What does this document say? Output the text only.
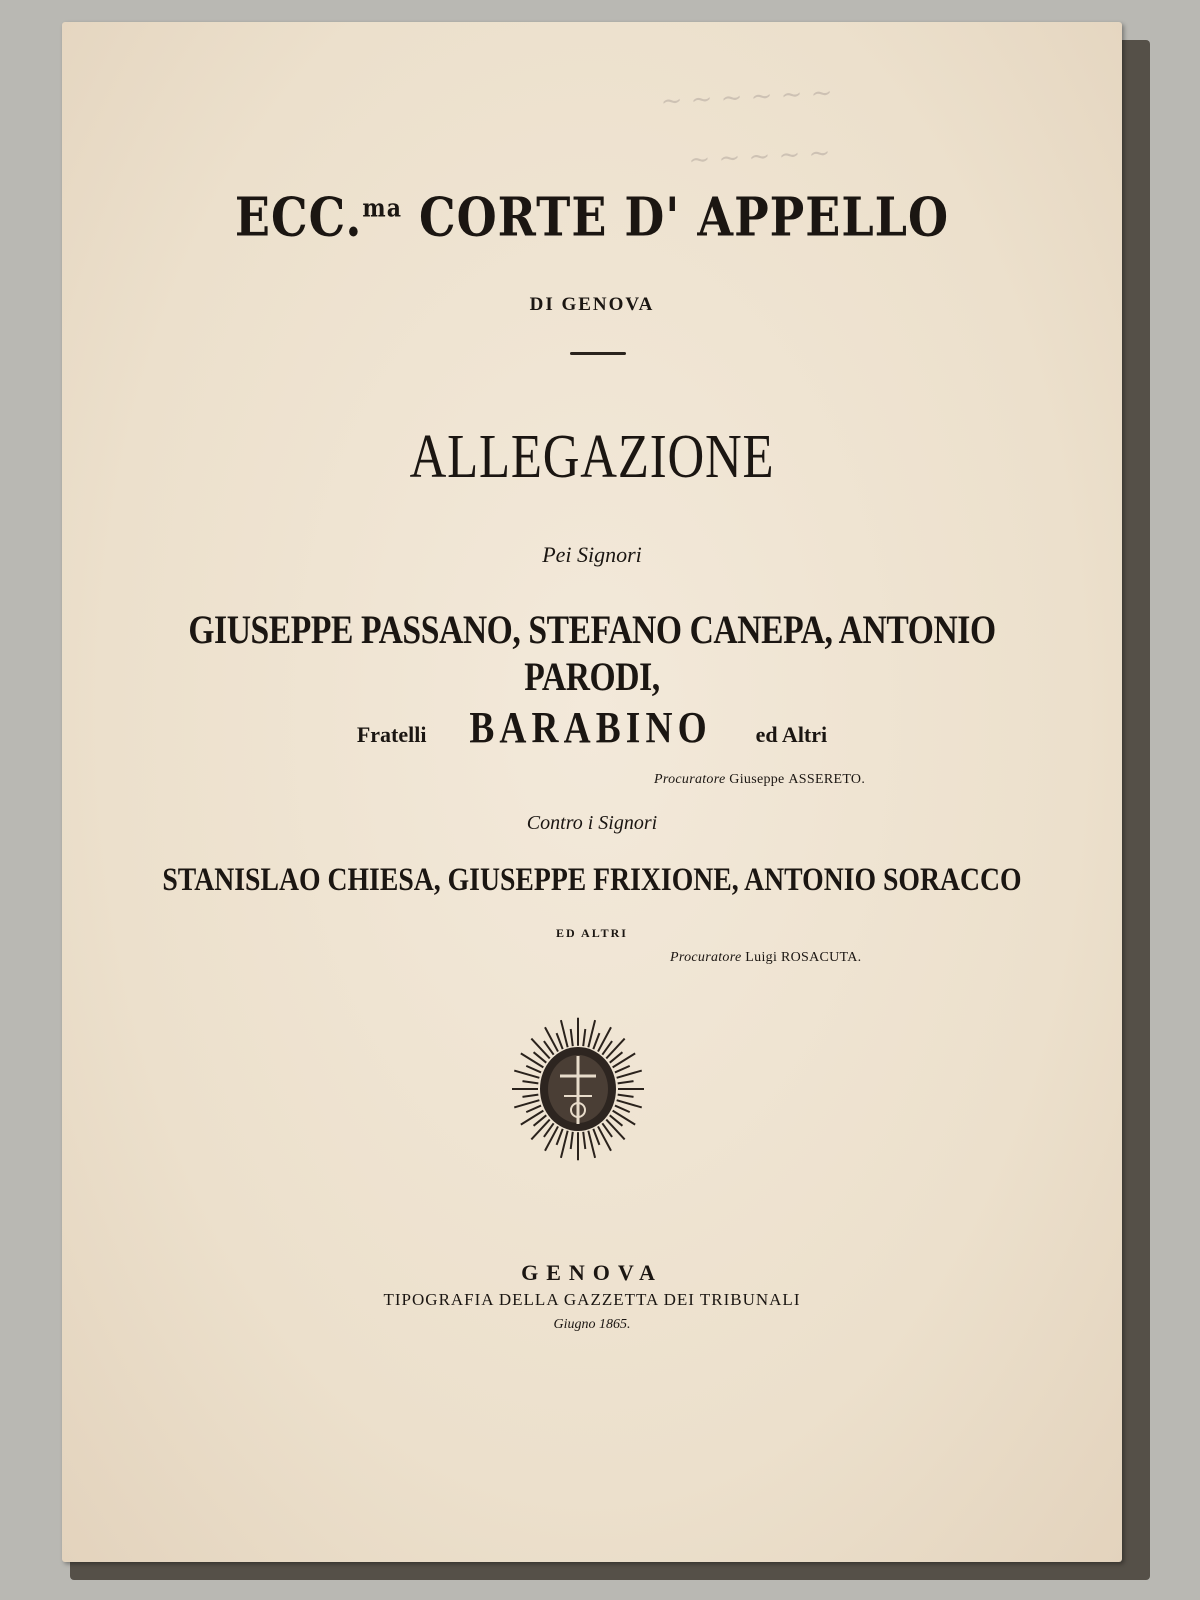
~ ~ ~ ~ ~ ~
~ ~ ~ ~ ~
ECC.$^{ma}$ CORTE D' APPELLO
DI GENOVA
ALLEGAZIONE
Pei Signori
GIUSEPPE PASSANO, STEFANO CANEPA, ANTONIO PARODI,
Fratelli BARABINO ed Altri
Procuratore Giuseppe ASSERETO.
Contro i Signori
STANISLAO CHIESA, GIUSEPPE FRIXIONE, ANTONIO SORACCO
ED ALTRI
Procuratore Luigi ROSACUTA.
GENOVA
TIPOGRAFIA DELLA GAZZETTA DEI TRIBUNALI
Giugno 1865.
